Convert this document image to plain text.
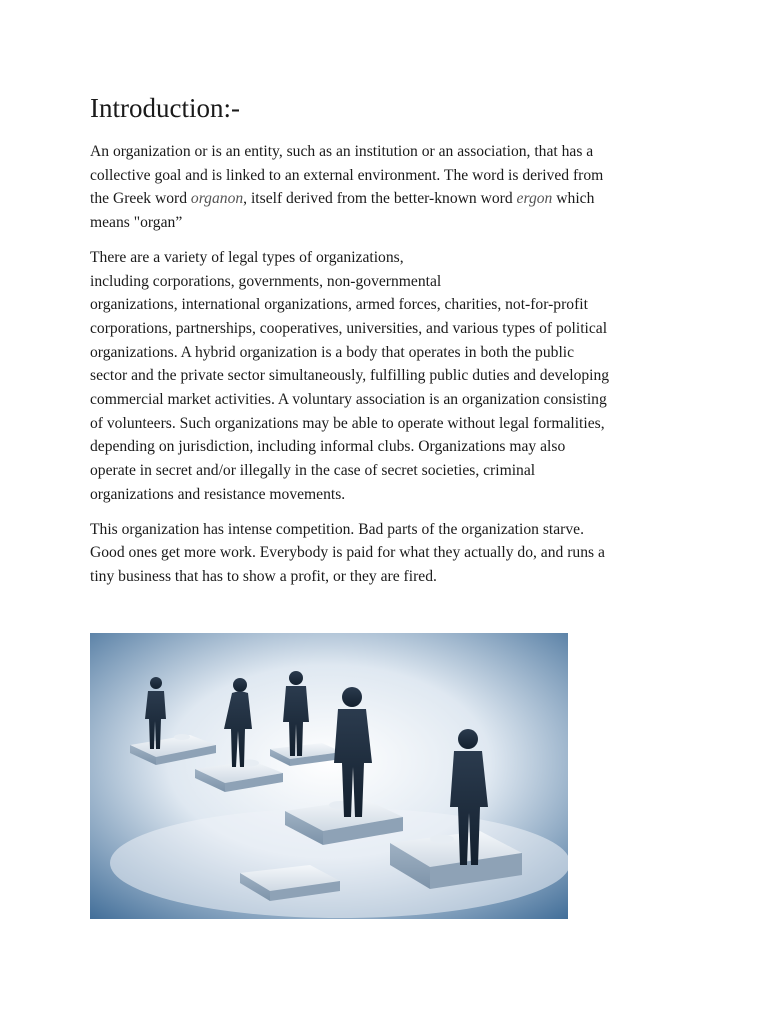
Introduction:-

An organization or is an entity, such as an institution or an association, that has a
collective goal and is linked to an external environment. The word is derived from
the Greek word organon, itself derived from the better-known word ergon which
means "organ”

There are a variety of legal types of organizations,
including corporations, governments, non-governmental
organizations, international organizations, armed forces, charities, not-for-profit
corporations, partnerships, cooperatives, universities, and various types of political
organizations. A hybrid organization is a body that operates in both the public
sector and the private sector simultaneously, fulfilling public duties and developing
commercial market activities. A voluntary association is an organization consisting
of volunteers. Such organizations may be able to operate without legal formalities,
depending on jurisdiction, including informal clubs. Organizations may also
operate in secret and/or illegally in the case of secret societies, criminal
organizations and resistance movements.

This organization has intense competition. Bad parts of the organization starve.
Good ones get more work. Everybody is paid for what they actually do, and runs a
tiny business that has to show a profit, or they are fired.
